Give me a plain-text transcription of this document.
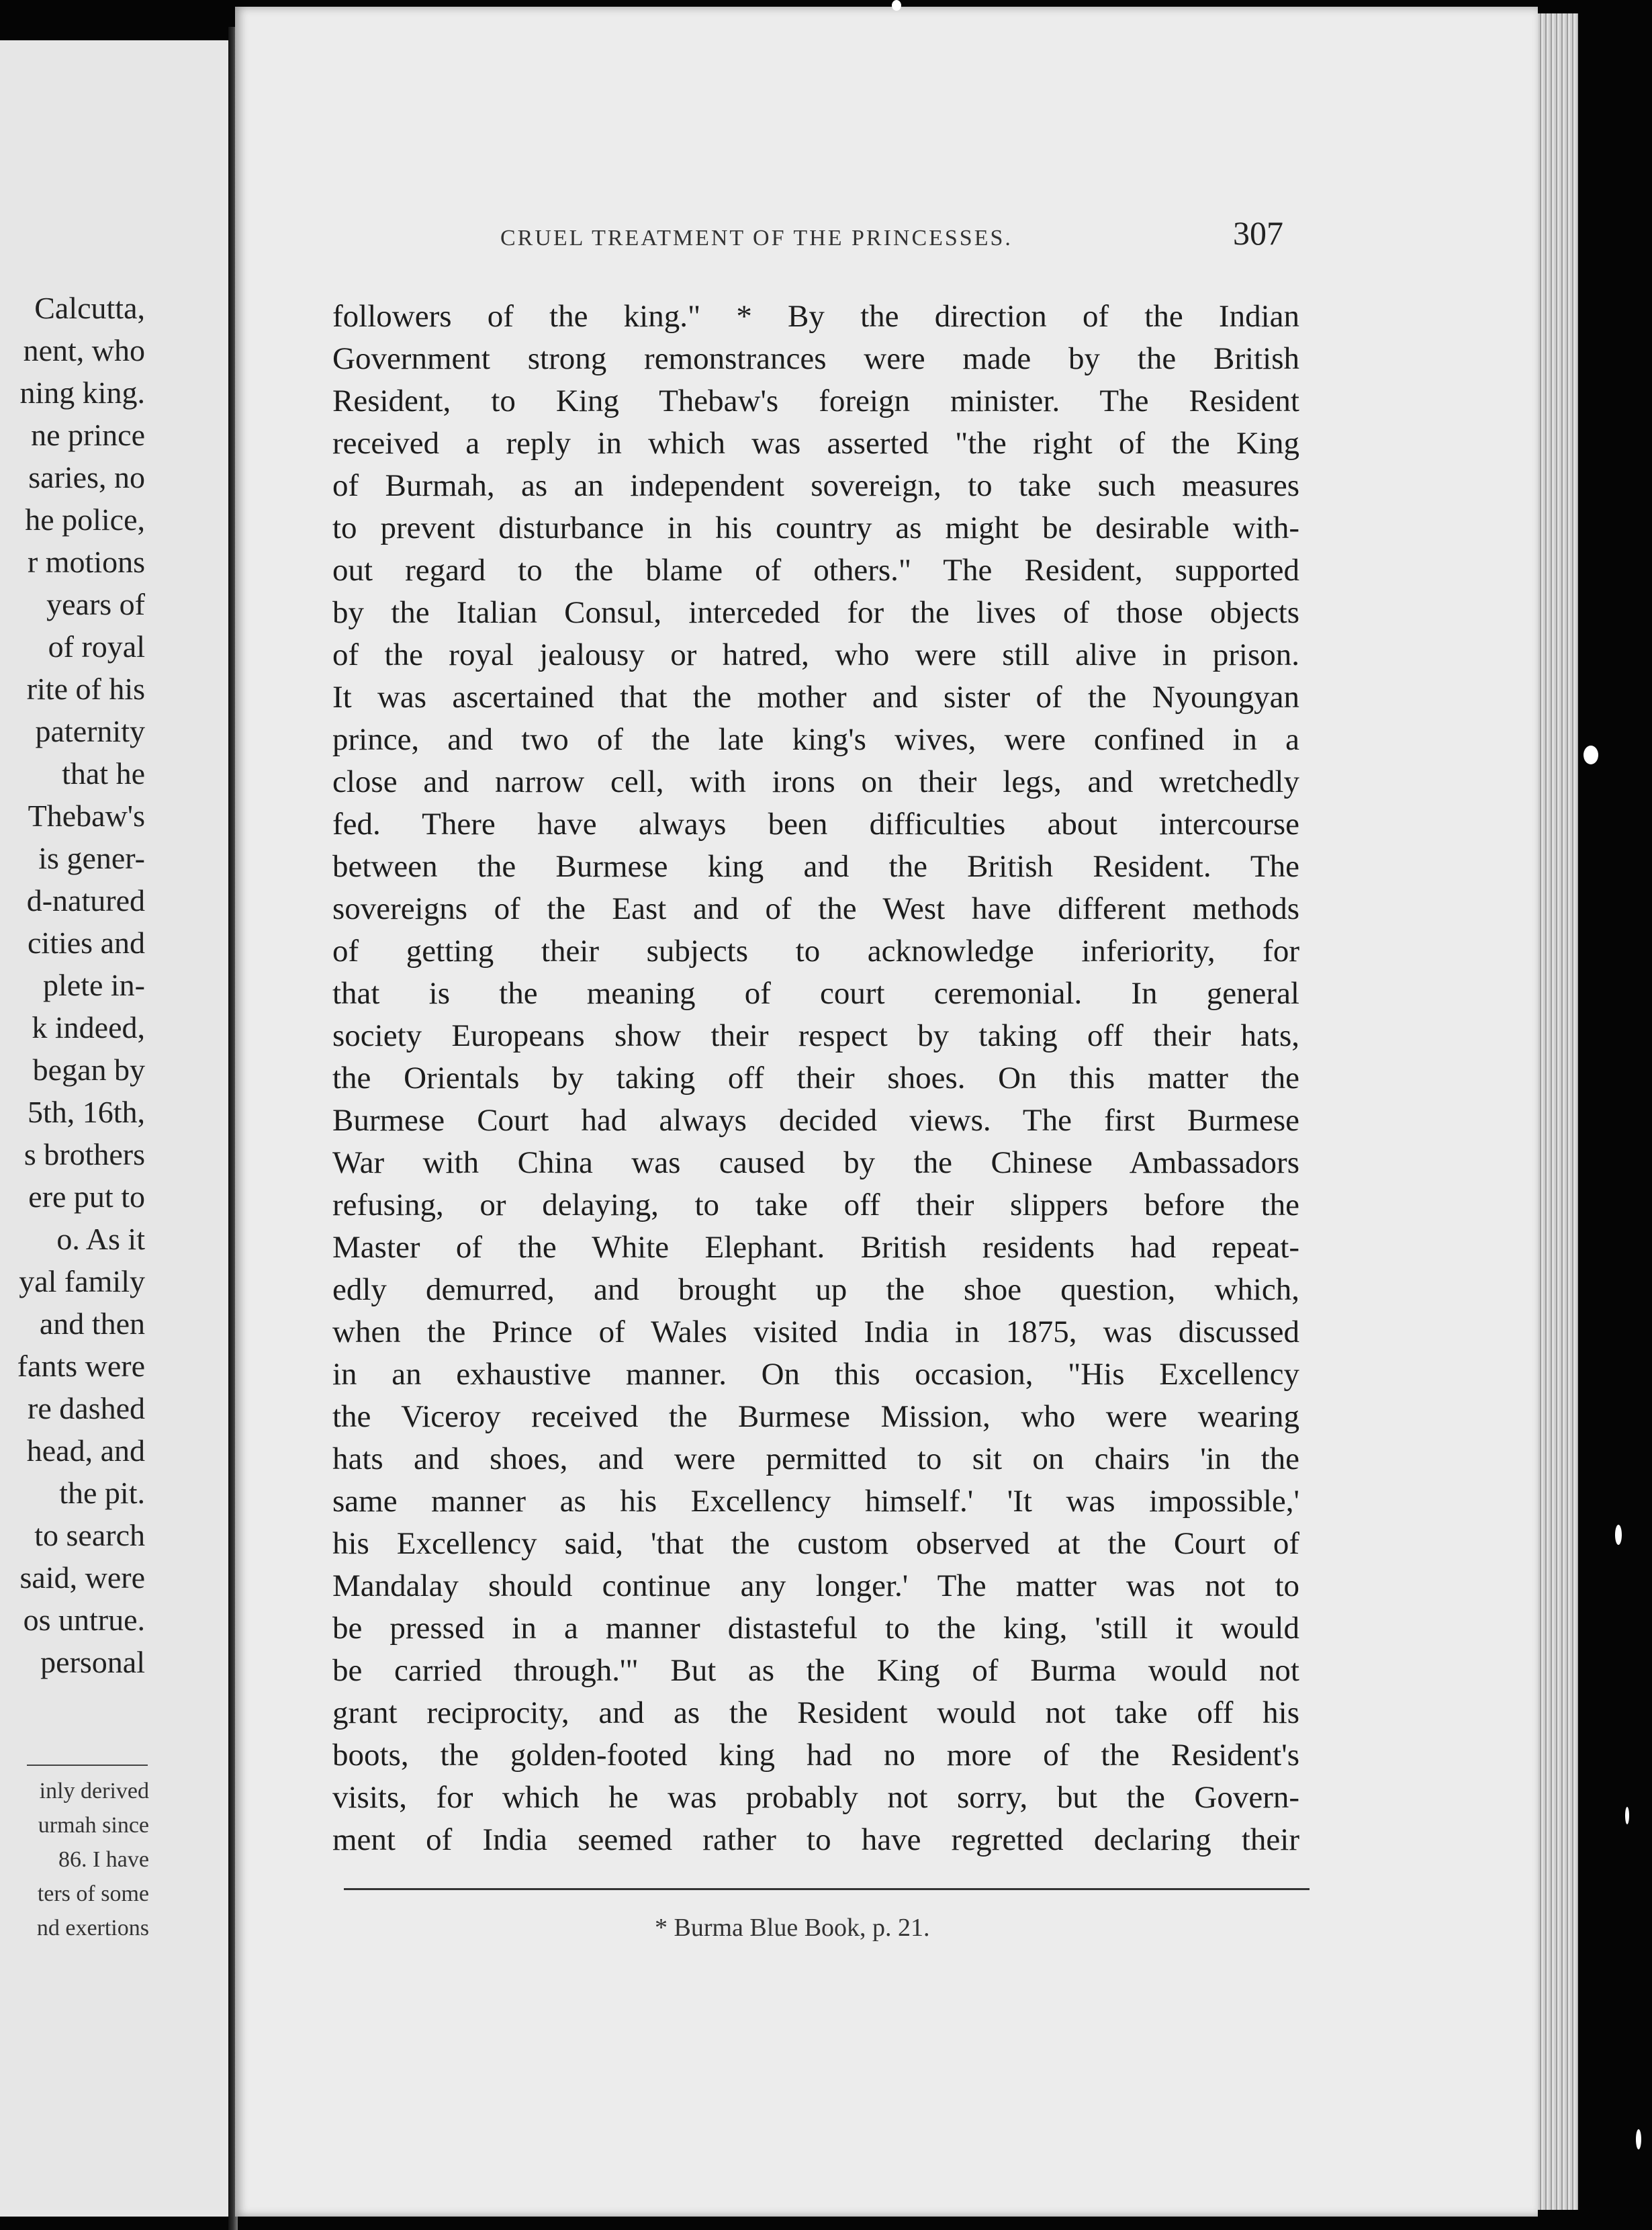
Calcutta,
nent, who
ning king.
ne prince
saries, no
he police,
r motions
years of
of royal
rite of his
paternity
that he
Thebaw's
is gener-
d-natured
cities and
plete in-
k indeed,
began by
5th, 16th,
s brothers
ere put to
o. As it
yal family
and then
fants were
re dashed
head, and
the pit.
to search
said, were
os untrue.
personal
inly derived
urmah since
86. I have
ters of some
nd exertions
CRUEL TREATMENT OF THE PRINCESSES.	307
followers of the king." * By the direction of the Indian
Government strong remonstrances were made by the British
Resident, to King Thebaw's foreign minister. The Resident
received a reply in which was asserted "the right of the King
of Burmah, as an independent sovereign, to take such measures
to prevent disturbance in his country as might be desirable with-
out regard to the blame of others." The Resident, supported
by the Italian Consul, interceded for the lives of those objects
of the royal jealousy or hatred, who were still alive in prison.
It was ascertained that the mother and sister of the Nyoungyan
prince, and two of the late king's wives, were confined in a
close and narrow cell, with irons on their legs, and wretchedly
fed. There have always been difficulties about intercourse
between the Burmese king and the British Resident. The
sovereigns of the East and of the West have different methods
of getting their subjects to acknowledge inferiority, for
that is the meaning of court ceremonial. In general
society Europeans show their respect by taking off their hats,
the Orientals by taking off their shoes. On this matter the
Burmese Court had always decided views. The first Burmese
War with China was caused by the Chinese Ambassadors
refusing, or delaying, to take off their slippers before the
Master of the White Elephant. British residents had repeat-
edly demurred, and brought up the shoe question, which,
when the Prince of Wales visited India in 1875, was discussed
in an exhaustive manner. On this occasion, "His Excellency
the Viceroy received the Burmese Mission, who were wearing
hats and shoes, and were permitted to sit on chairs 'in the
same manner as his Excellency himself.' 'It was impossible,'
his Excellency said, 'that the custom observed at the Court of
Mandalay should continue any longer.' The matter was not to
be pressed in a manner distasteful to the king, 'still it would
be carried through.'" But as the King of Burma would not
grant reciprocity, and as the Resident would not take off his
boots, the golden-footed king had no more of the Resident's
visits, for which he was probably not sorry, but the Govern-
ment of India seemed rather to have regretted declaring their
* Burma Blue Book, p. 21.
